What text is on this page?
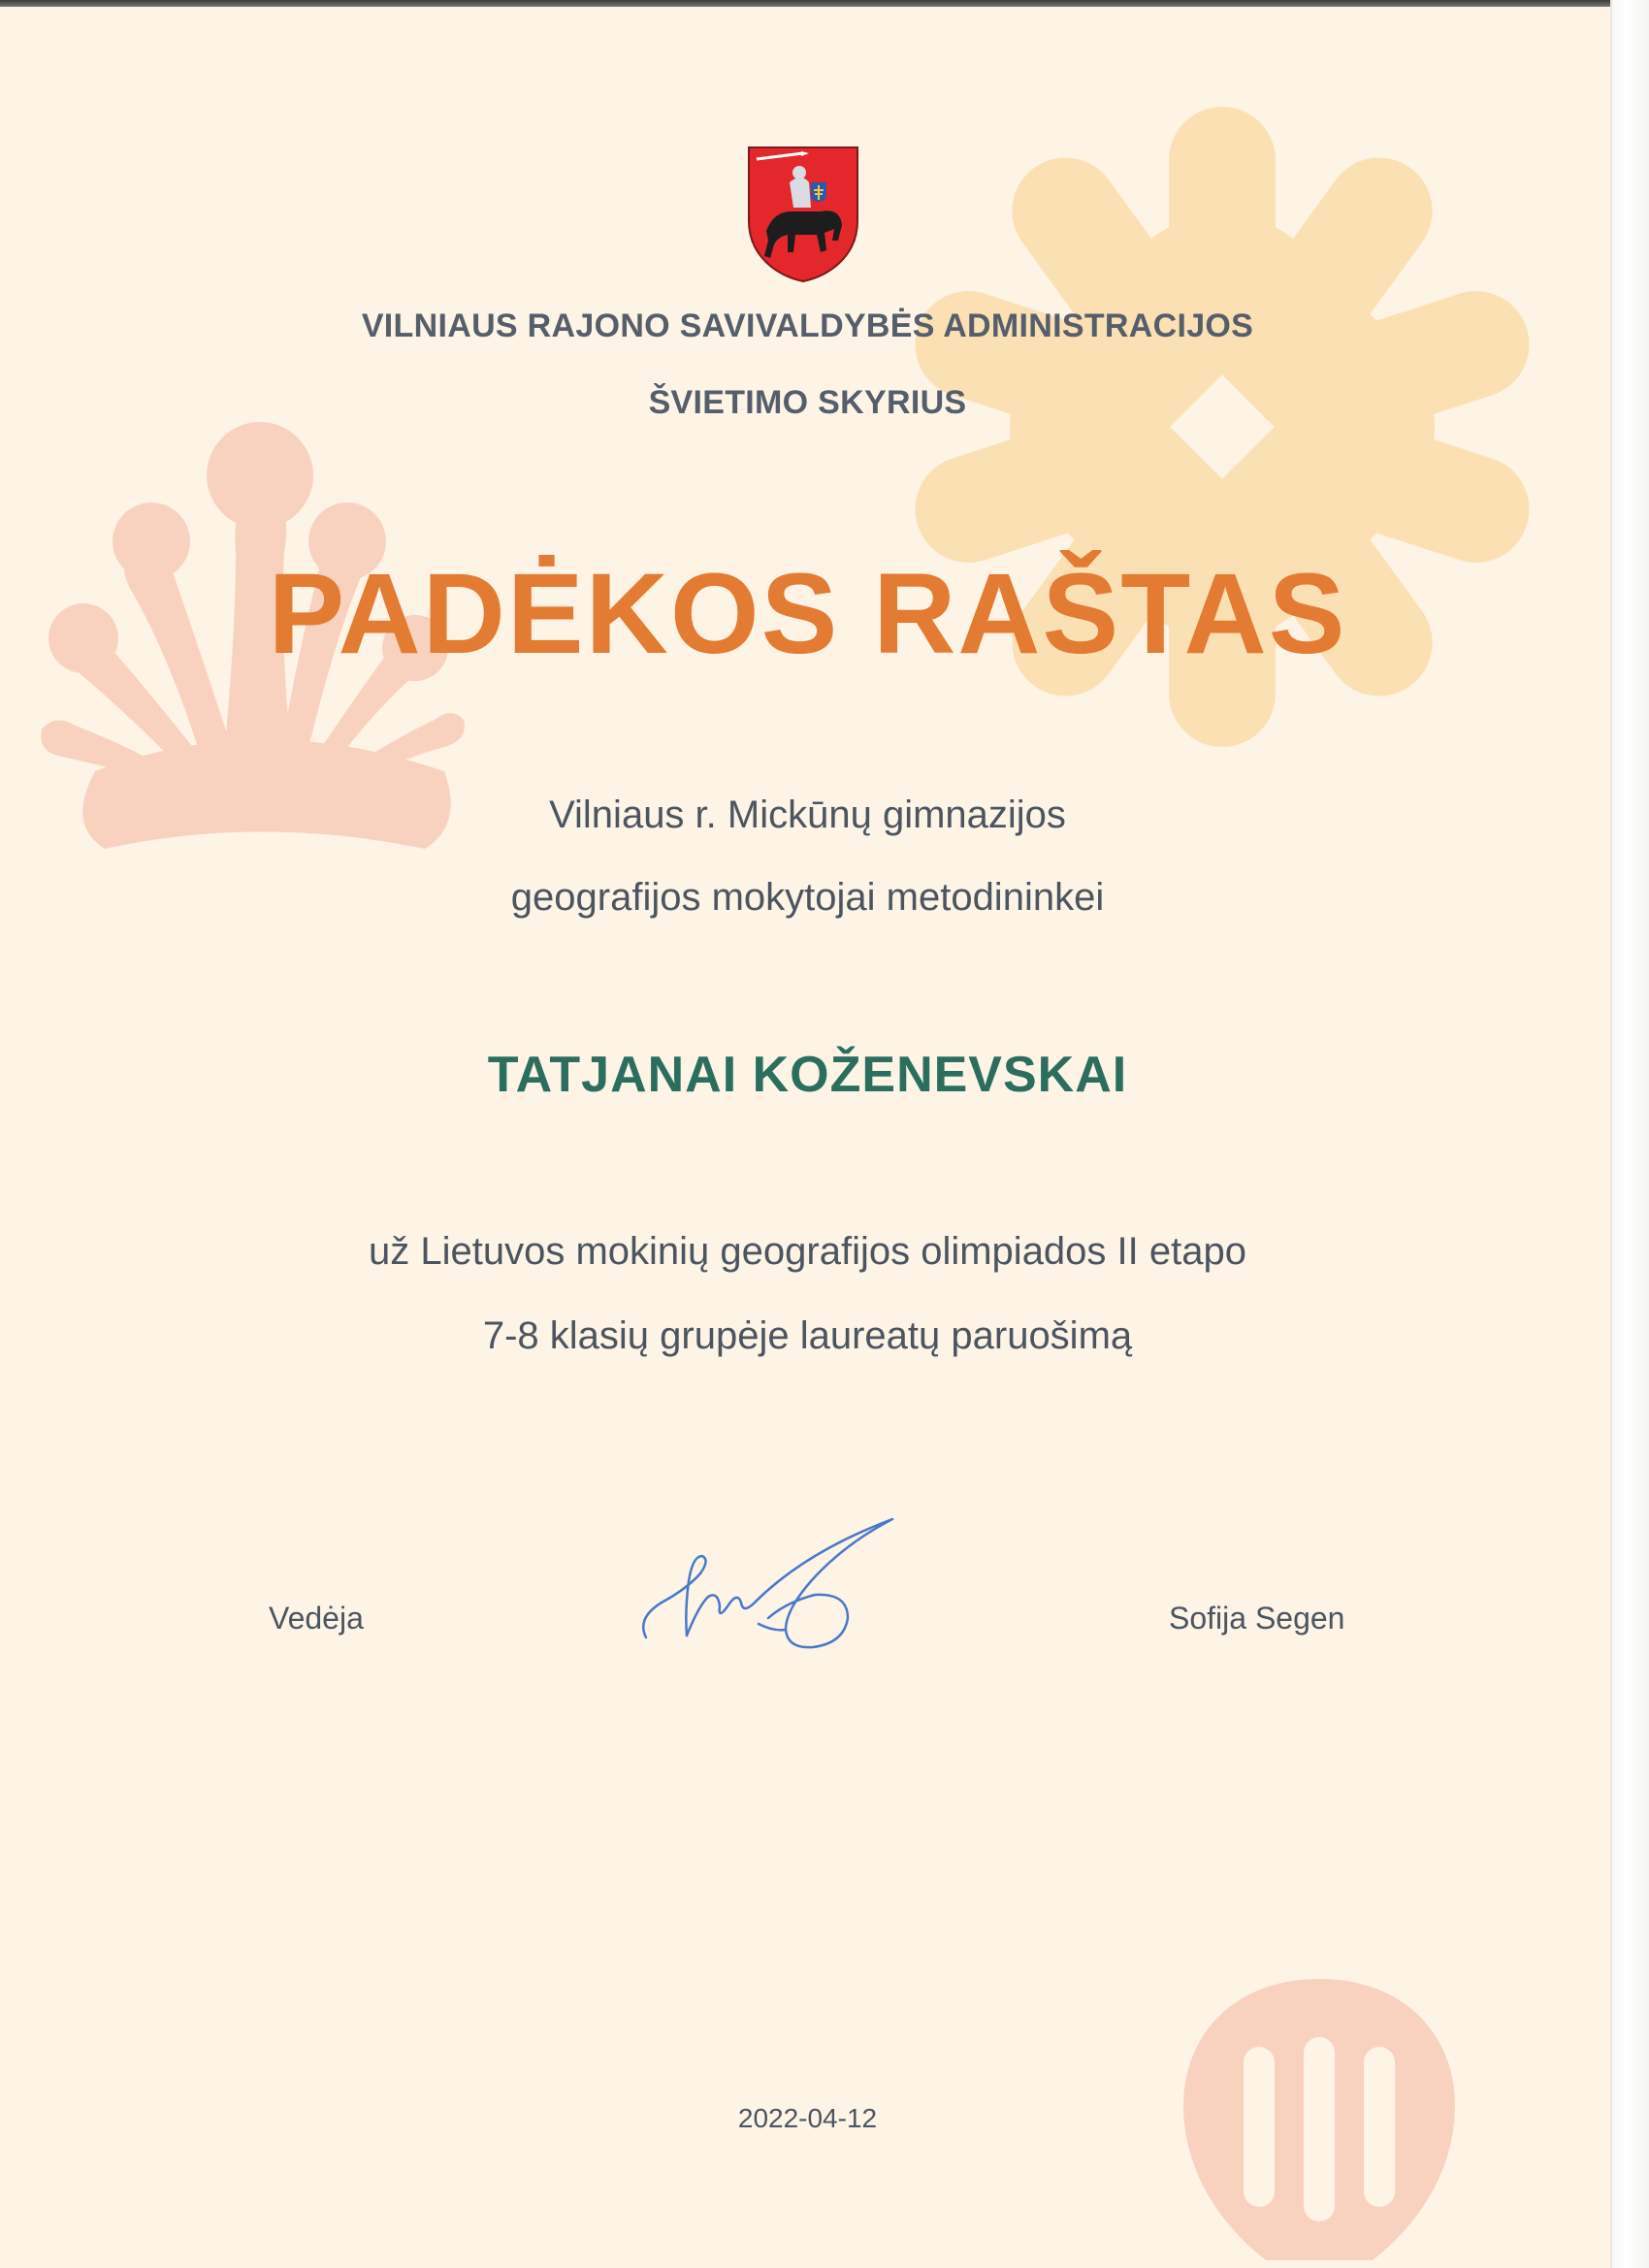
VILNIAUS RAJONO SAVIVALDYBĖS ADMINISTRACIJOS
ŠVIETIMO SKYRIUS
PADĖKOS RAŠTAS
Vilniaus r. Mickūnų gimnazijos
geografijos mokytojai metodininkei
TATJANAI KOŽENEVSKAI
už Lietuvos mokinių geografijos olimpiados II etapo
7-8 klasių grupėje laureatų paruošimą
Vedėja	Sofija Segen
2022-04-12
